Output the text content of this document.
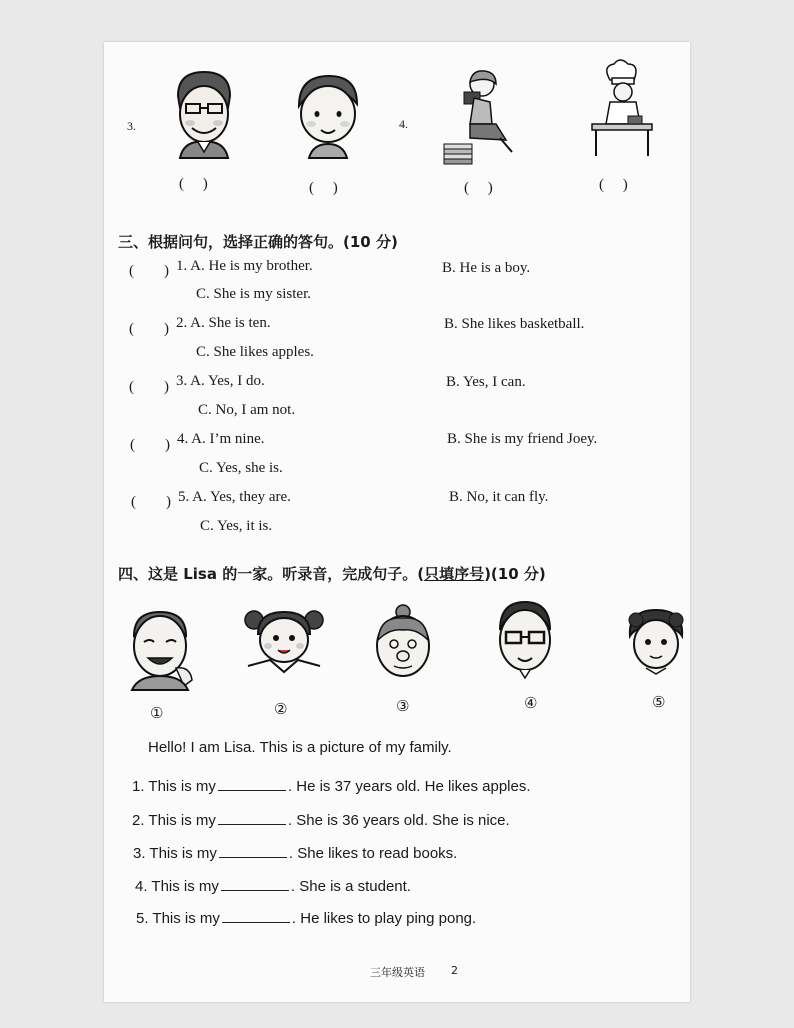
3.	4.
(　 )	(　 )	(　 )	(　 )
三、根据问句，选择正确的答句。(10 分)
(　　) 1. A. He is my brother.	B. He is a boy.
C. She is my sister.
(　　) 2. A. She is ten.	B. She likes basketball.
C. She likes apples.
(　　) 3. A. Yes, I do.	B. Yes, I can.
C. No, I am not.
(　　) 4. A. I’m nine.	B. She is my friend Joey.
C. Yes, she is.
(　　) 5. A. Yes, they are.	B. No, it can fly.
C. Yes, it is.
四、这是 Lisa 的一家。听录音，完成句子。(只填序号)(10 分)
①	②	③	④	⑤
Hello! I am Lisa. This is a picture of my family.
1. This is my	. He is 37 years old. He likes apples.
2. This is my	. She is 36 years old. She is nice.
3. This is my	. She likes to read books.
4. This is my	. She is a student.
5. This is my	. He likes to play ping pong.
三年级英语 2
